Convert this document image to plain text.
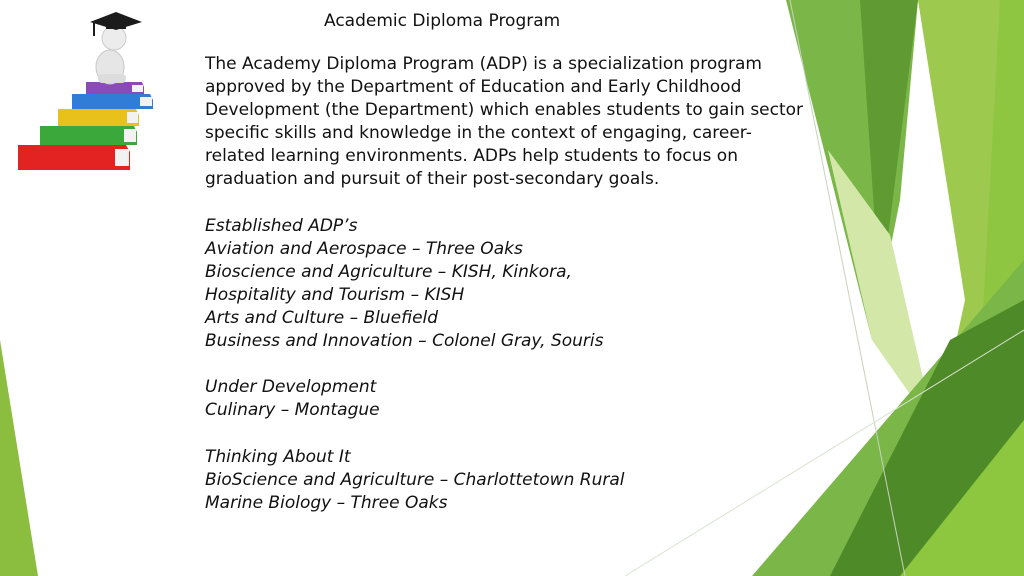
Academic Diploma Program

The Academy Diploma Program (ADP) is a specialization program approved by the Department of Education and Early Childhood Development (the Department) which enables students to gain sector specific skills and knowledge in the context of engaging, career-related learning environments. ADPs help students to focus on graduation and pursuit of their post-secondary goals.

Established ADP’s
Aviation and Aerospace – Three Oaks
Bioscience and Agriculture – KISH, Kinkora,
Hospitality and Tourism – KISH
Arts and Culture – Bluefield
Business and Innovation – Colonel Gray, Souris
Under Development
Culinary – Montague
Thinking About It
BioScience and Agriculture – Charlottetown Rural
Marine Biology – Three Oaks
